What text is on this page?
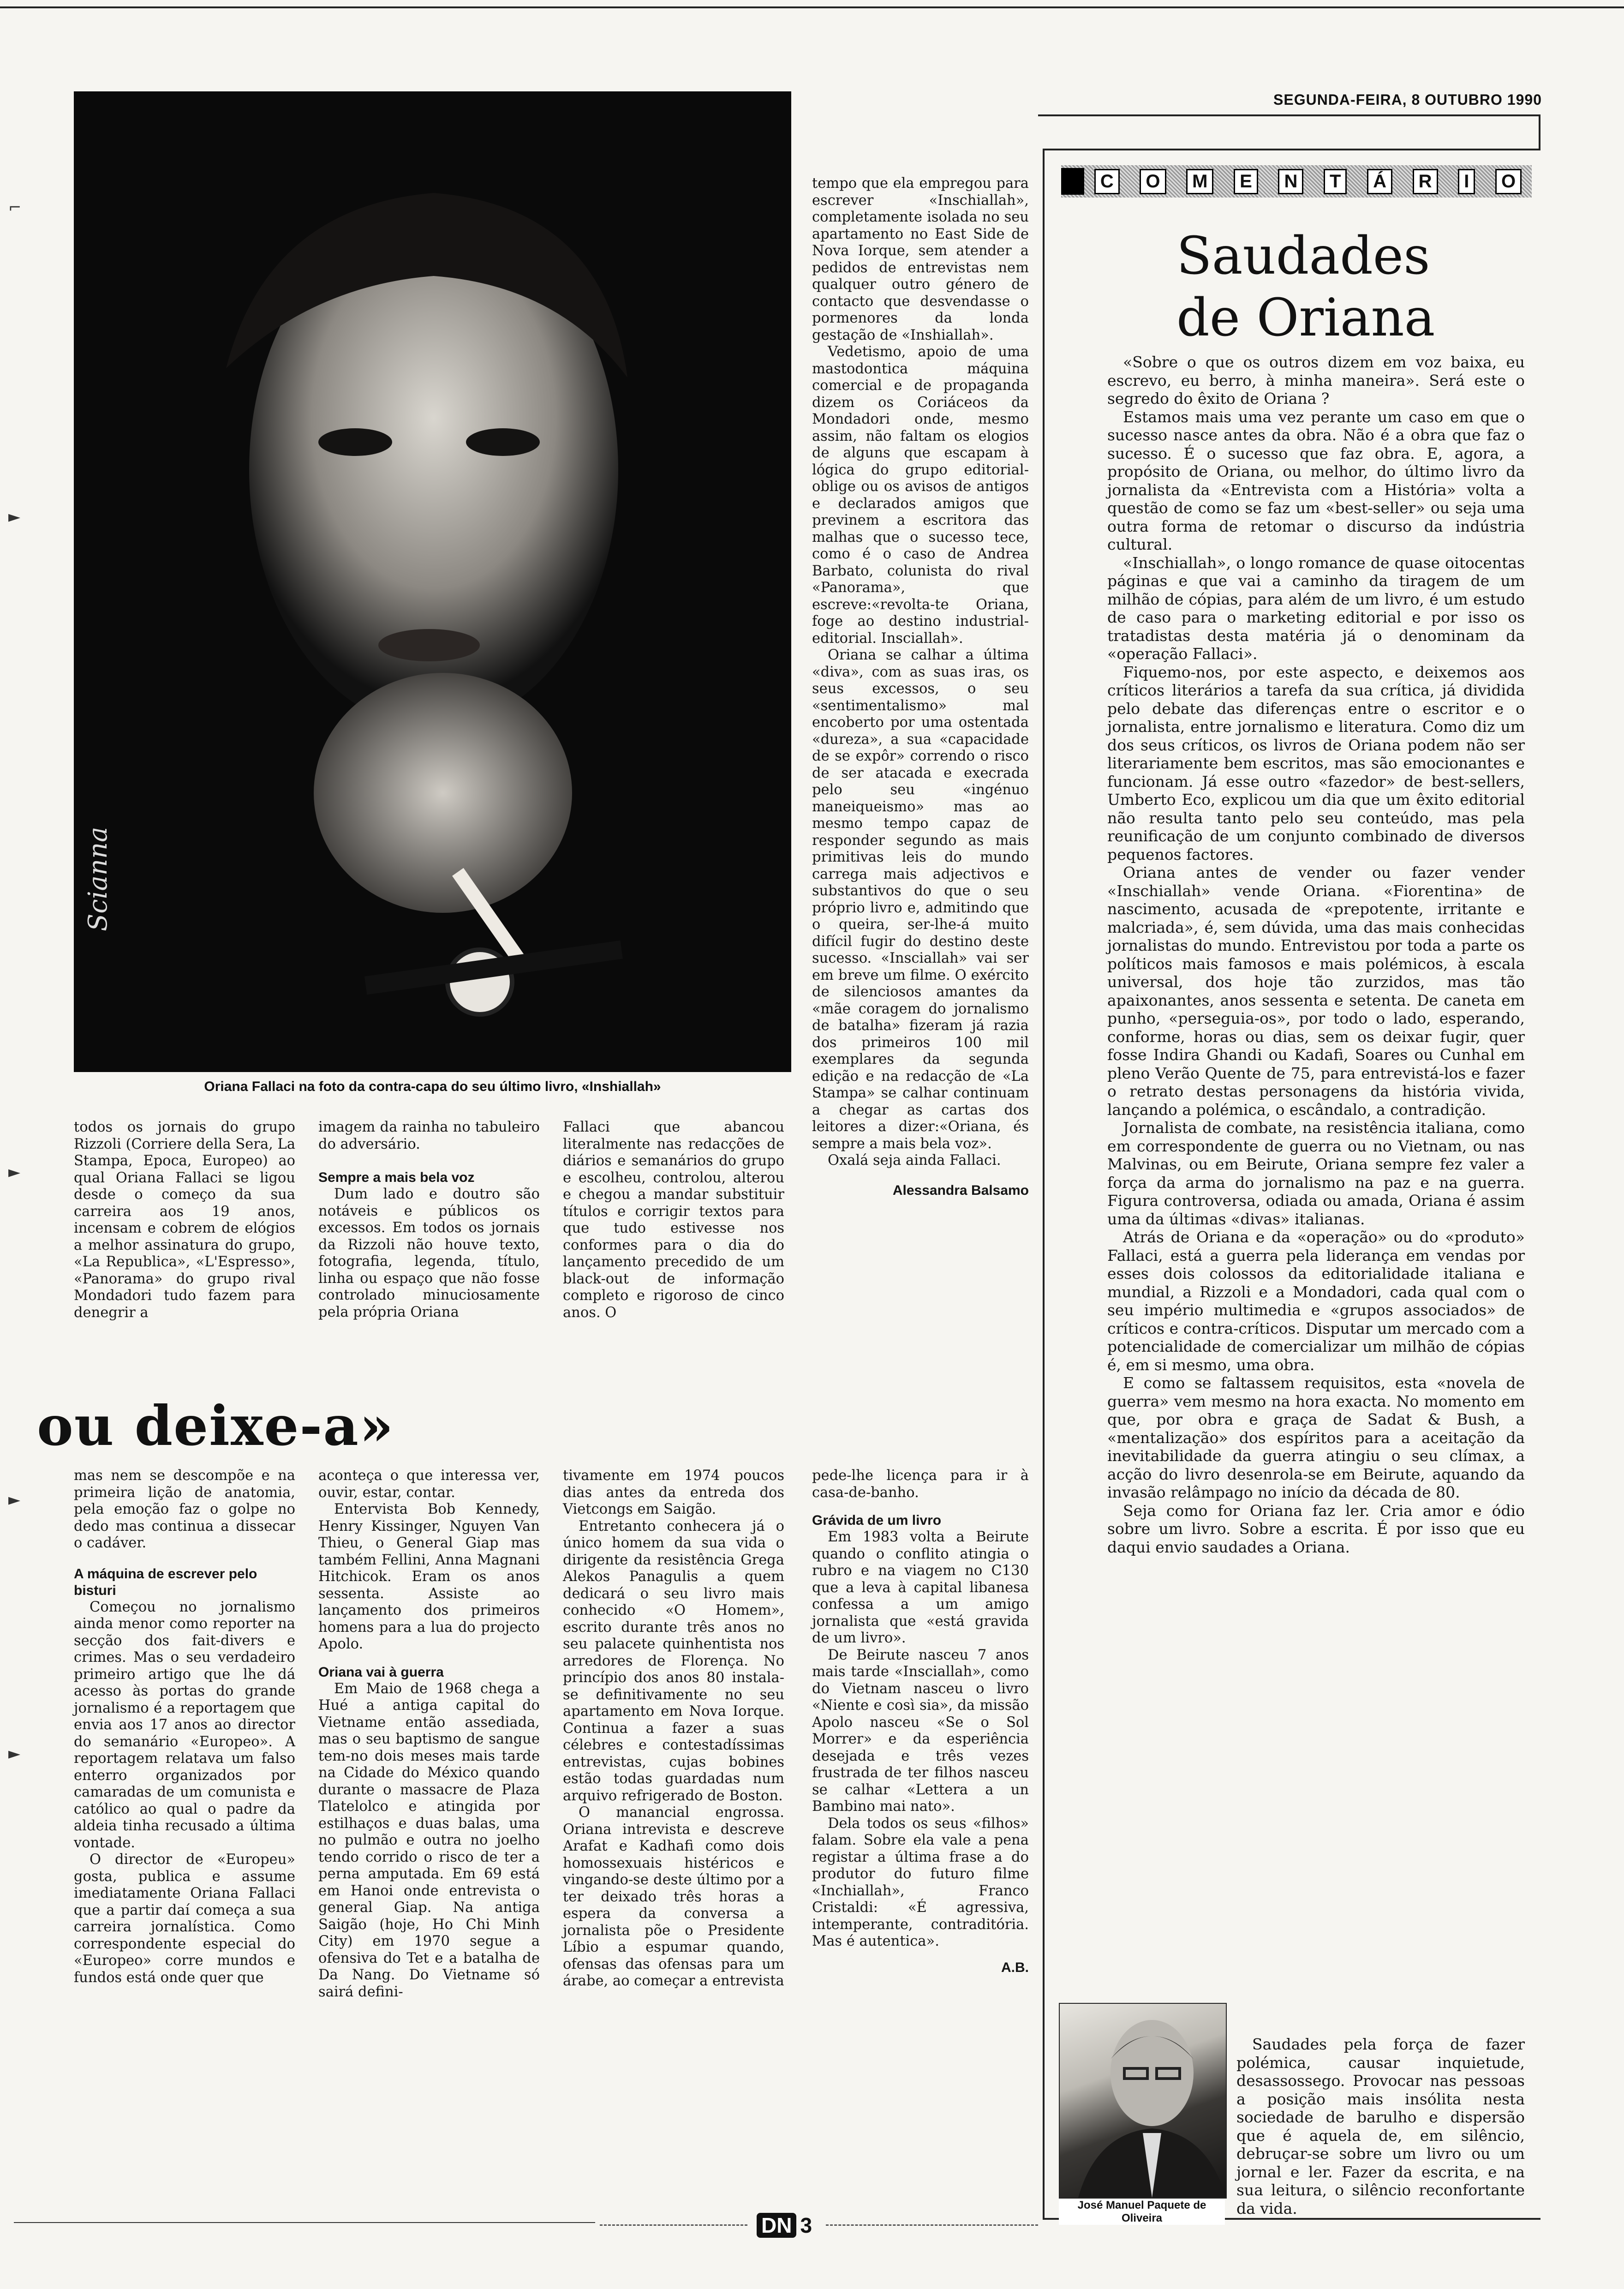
SEGUNDA-FEIRA, 8 OUTUBRO 1990
Scianna
Oriana Fallaci na foto da contra-capa do seu último livro, «Inshiallah»

tempo que ela empregou para escrever «Inschiallah», completamente isolada no seu apartamento no East Side de Nova Iorque, sem atender a pedidos de entrevistas nem qualquer outro género de contacto que desvendasse o pormenores da londa gestação de «Inshiallah».

Vedetismo, apoio de uma mastodontica máquina comercial e de propaganda dizem os Coriáceos da Mondadori onde, mesmo assim, não faltam os elogios de alguns que escapam à lógica do grupo editorial-oblige ou os avisos de antigos e declarados amigos que previnem a escritora das malhas que o sucesso tece, como é o caso de Andrea Barbato, colunista do rival «Panorama», que escreve:«revolta-te Oriana, foge ao destino industrial-editorial. Insciallah».

Oriana se calhar a última «diva», com as suas iras, os seus excessos, o seu «sentimentalismo» mal encoberto por uma ostentada «dureza», a sua «capacidade de se expôr» correndo o risco de ser atacada e execrada pelo seu «ingénuo maneiqueismo» mas ao mesmo tempo capaz de responder segundo as mais primitivas leis do mundo carrega mais adjectivos e substantivos do que o seu próprio livro e, admitindo que o queira, ser-lhe-á muito difícil fugir do destino deste sucesso. «Insciallah» vai ser em breve um filme. O exército de silenciosos amantes da «mãe coragem do jornalismo de batalha» fizeram já razia dos primeiros 100 mil exemplares da segunda edição e na redacção de «La Stampa» se calhar continuam a chegar as cartas dos leitores a dizer:«Oriana, és sempre a mais bela voz».

Oxalá seja ainda Fallaci.

Alessandra Balsamo

todos os jornais do grupo Rizzoli (Corriere della Sera, La Stampa, Epoca, Europeo) ao qual Oriana Fallaci se ligou desde o começo da sua carreira aos 19 anos, incensam e cobrem de elógios a melhor assinatura do grupo, «La Republica», «L'Espresso», «Panorama» do grupo rival Mondadori tudo fazem para denegrir a

imagem da rainha no tabuleiro do adversário.

Sempre a mais bela voz

Dum lado e doutro são notáveis e públicos os excessos. Em todos os jornais da Rizzoli não houve texto, fotografia, legenda, título, linha ou espaço que não fosse controlado minuciosamente pela própria Oriana

Fallaci que abancou literalmente nas redacções de diários e semanários do grupo e escolheu, controlou, alterou e chegou a mandar substituir títulos e corrigir textos para que tudo estivesse nos conformes para o dia do lançamento precedido de um black-out de informação completo e rigoroso de cinco anos. O

ou deixe-a»

mas nem se descompõe e na primeira lição de anatomia, pela emoção faz o golpe no dedo mas continua a dissecar o cadáver.

A máquina de escrever pelo bisturi

Começou no jornalismo ainda menor como reporter na secção dos fait-divers e crimes. Mas o seu verdadeiro primeiro artigo que lhe dá acesso às portas do grande jornalismo é a reportagem que envia aos 17 anos ao director do semanário «Europeo». A reportagem relatava um falso enterro organizados por camaradas de um comunista e católico ao qual o padre da aldeia tinha recusado a última vontade.

O director de «Europeu» gosta, publica e assume imediatamente Oriana Fallaci que a partir daí começa a sua carreira jornalística. Como correspondente especial do «Europeo» corre mundos e fundos está onde quer que

aconteça o que interessa ver, ouvir, estar, contar.

Entervista Bob Kennedy, Henry Kissinger, Nguyen Van Thieu, o General Giap mas também Fellini, Anna Magnani Hitchicok. Eram os anos sessenta. Assiste ao lançamento dos primeiros homens para a lua do projecto Apolo.

Oriana vai à guerra

Em Maio de 1968 chega a Hué a antiga capital do Vietname então assediada, mas o seu baptismo de sangue tem-no dois meses mais tarde na Cidade do México quando durante o massacre de Plaza Tlatelolco e atingida por estilhaços e duas balas, uma no pulmão e outra no joelho tendo corrido o risco de ter a perna amputada. Em 69 está em Hanoi onde entrevista o general Giap. Na antiga Saigão (hoje, Ho Chi Minh City) em 1970 segue a ofensiva do Tet e a batalha de Da Nang. Do Vietname só sairá defini-

tivamente em 1974 poucos dias antes da entreda dos Vietcongs em Saigão.

Entretanto conhecera já o único homem da sua vida o dirigente da resistência Grega Alekos Panagulis a quem dedicará o seu livro mais conhecido «O Homem», escrito durante três anos no seu palacete quinhentista nos arredores de Florença. No princípio dos anos 80 instala-se definitivamente no seu apartamento em Nova Iorque. Continua a fazer a suas célebres e contestadíssimas entrevistas, cujas bobines estão todas guardadas num arquivo refrigerado de Boston.

O manancial engrossa. Oriana intrevista e descreve Arafat e Kadhafi como dois homossexuais histéricos e vingando-se deste último por a ter deixado três horas a espera da conversa a jornalista põe o Presidente Líbio a espumar quando, ofensas das ofensas para um árabe, ao começar a entrevista

pede-lhe licença para ir à casa-de-banho.

Grávida de um livro

Em 1983 volta a Beirute quando o conflito atingia o rubro e na viagem no C130 que a leva à capital libanesa confessa a um amigo jornalista que «está gravida de um livro».

De Beirute nasceu 7 anos mais tarde «Insciallah», como do Vietnam nasceu o livro «Niente e così sia», da missão Apolo nasceu «Se o Sol Morrer» e da esperiência desejada e três vezes frustrada de ter filhos nasceu se calhar «Lettera a un Bambino mai nato».

Dela todos os seus «filhos» falam. Sobre ela vale a pena registar a última frase a do produtor do futuro filme «Inchiallah», Franco Cristaldi: «É agressiva, intemperante, contraditória. Mas é autentica».

A.B.
C	O	M	E	N	T	Á	R	I	O
Saudades
de Oriana

«Sobre o que os outros dizem em voz baixa, eu escrevo, eu berro, à minha maneira». Será este o segredo do êxito de Oriana ?

Estamos mais uma vez perante um caso em que o sucesso nasce antes da obra. Não é a obra que faz o sucesso. É o sucesso que faz obra. E, agora, a propósito de Oriana, ou melhor, do último livro da jornalista da «Entrevista com a História» volta a questão de como se faz um «best-seller» ou seja uma outra forma de retomar o discurso da indústria cultural.

«Inschiallah», o longo romance de quase oitocentas páginas e que vai a caminho da tiragem de um milhão de cópias, para além de um livro, é um estudo de caso para o marketing editorial e por isso os tratadistas desta matéria já o denominam da «operação Fallaci».

Fiquemo-nos, por este aspecto, e deixemos aos críticos literários a tarefa da sua crítica, já dividida pelo debate das diferenças entre o escritor e o jornalista, entre jornalismo e literatura. Como diz um dos seus críticos, os livros de Oriana podem não ser literariamente bem escritos, mas são emocionantes e funcionam. Já esse outro «fazedor» de best-sellers, Umberto Eco, explicou um dia que um êxito editorial não resulta tanto pelo seu conteúdo, mas pela reunificação de um conjunto combinado de diversos pequenos factores.

Oriana antes de vender ou fazer vender «Inschiallah» vende Oriana. «Fiorentina» de nascimento, acusada de «prepotente, irritante e malcriada», é, sem dúvida, uma das mais conhecidas jornalistas do mundo. Entrevistou por toda a parte os políticos mais famosos e mais polémicos, à escala universal, dos hoje tão zurzidos, mas tão apaixonantes, anos sessenta e setenta. De caneta em punho, «perseguia-os», por todo o lado, esperando, conforme, horas ou dias, sem os deixar fugir, quer fosse Indira Ghandi ou Kadafi, Soares ou Cunhal em pleno Verão Quente de 75, para entrevistá-los e fazer o retrato destas personagens da história vivida, lançando a polémica, o escândalo, a contradição.

Jornalista de combate, na resistência italiana, como em correspondente de guerra ou no Vietnam, ou nas Malvinas, ou em Beirute, Oriana sempre fez valer a força da arma do jornalismo na paz e na guerra. Figura controversa, odiada ou amada, Oriana é assim uma da últimas «divas» italianas.

Atrás de Oriana e da «operação» ou do «produto» Fallaci, está a guerra pela liderança em vendas por esses dois colossos da editorialidade italiana e mundial, a Rizzoli e a Mondadori, cada qual com o seu império multimedia e «grupos associados» de críticos e contra-críticos. Disputar um mercado com a potencialidade de comercializar um milhão de cópias é, em si mesmo, uma obra.

E como se faltassem requisitos, esta «novela de guerra» vem mesmo na hora exacta. No momento em que, por obra e graça de Sadat & Bush, a «mentalização» dos espíritos para a aceitação da inevitabilidade da guerra atingiu o seu clímax, a acção do livro desenrola-se em Beirute, aquando da invasão relâmpago no início da década de 80.

Seja como for Oriana faz ler. Cria amor e ódio sobre um livro. Sobre a escrita. É por isso que eu daqui envio saudades a Oriana.

Saudades pela força de fazer polémica, causar inquietude, desassossego. Provocar nas pessoas a posição mais insólita nesta sociedade de barulho e dispersão que é aquela de, em silêncio, debruçar-se sobre um livro ou um jornal e ler. Fazer da escrita, e na sua leitura, o silêncio reconfortante da vida.

José Manuel Paquete de Oliveira
DN 3
⌐
►
►
►
►
